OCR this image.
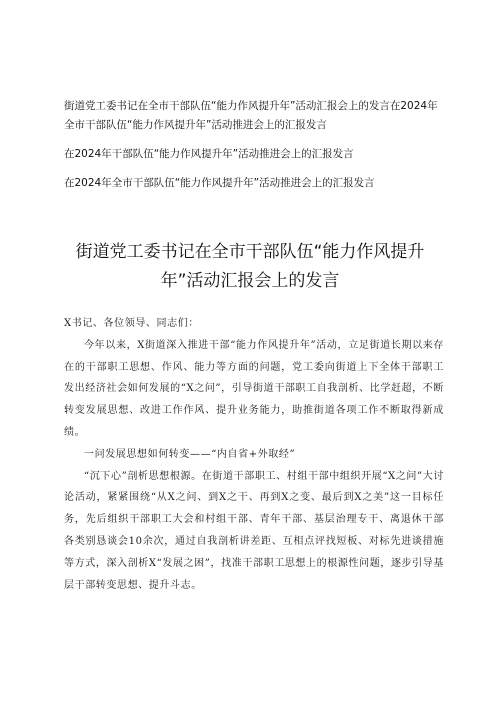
街道党工委书记在全市干部队伍“能力作风提升年”活动汇报会上的发言在2024年全市干部队伍“能力作风提升年”活动推进会上的汇报发言
在2024年干部队伍“能力作风提升年”活动推进会上的汇报发言
在2024年全市干部队伍“能力作风提升年”活动推进会上的汇报发言
街道党工委书记在全市干部队伍“能力作风提升年”活动汇报会上的发言

X书记、各位领导、同志们：

今年以来，X街道深入推进干部“能力作风提升年”活动，立足街道长期以来存在的干部职工思想、作风、能力等方面的问题，党工委向街道上下全体干部职工发出经济社会如何发展的“X之问”，引导街道干部职工自我剖析、比学赶超，不断转变发展思想、改进工作作风、提升业务能力，助推街道各项工作不断取得新成绩。

一问发展思想如何转变——“内自省+外取经”

“沉下心”剖析思想根源。在街道干部职工、村组干部中组织开展“X之问”大讨论活动，紧紧围绕“从X之问、到X之干、再到X之变、最后到X之美”这一目标任务，先后组织干部职工大会和村组干部、青年干部、基层治理专干、离退休干部各类别恳谈会10余次，通过自我剖析讲差距、互相点评找短板、对标先进谈措施等方式，深入剖析X“发展之困”，找准干部职工思想上的根源性问题，逐步引导基层干部转变思想、提升斗志。
